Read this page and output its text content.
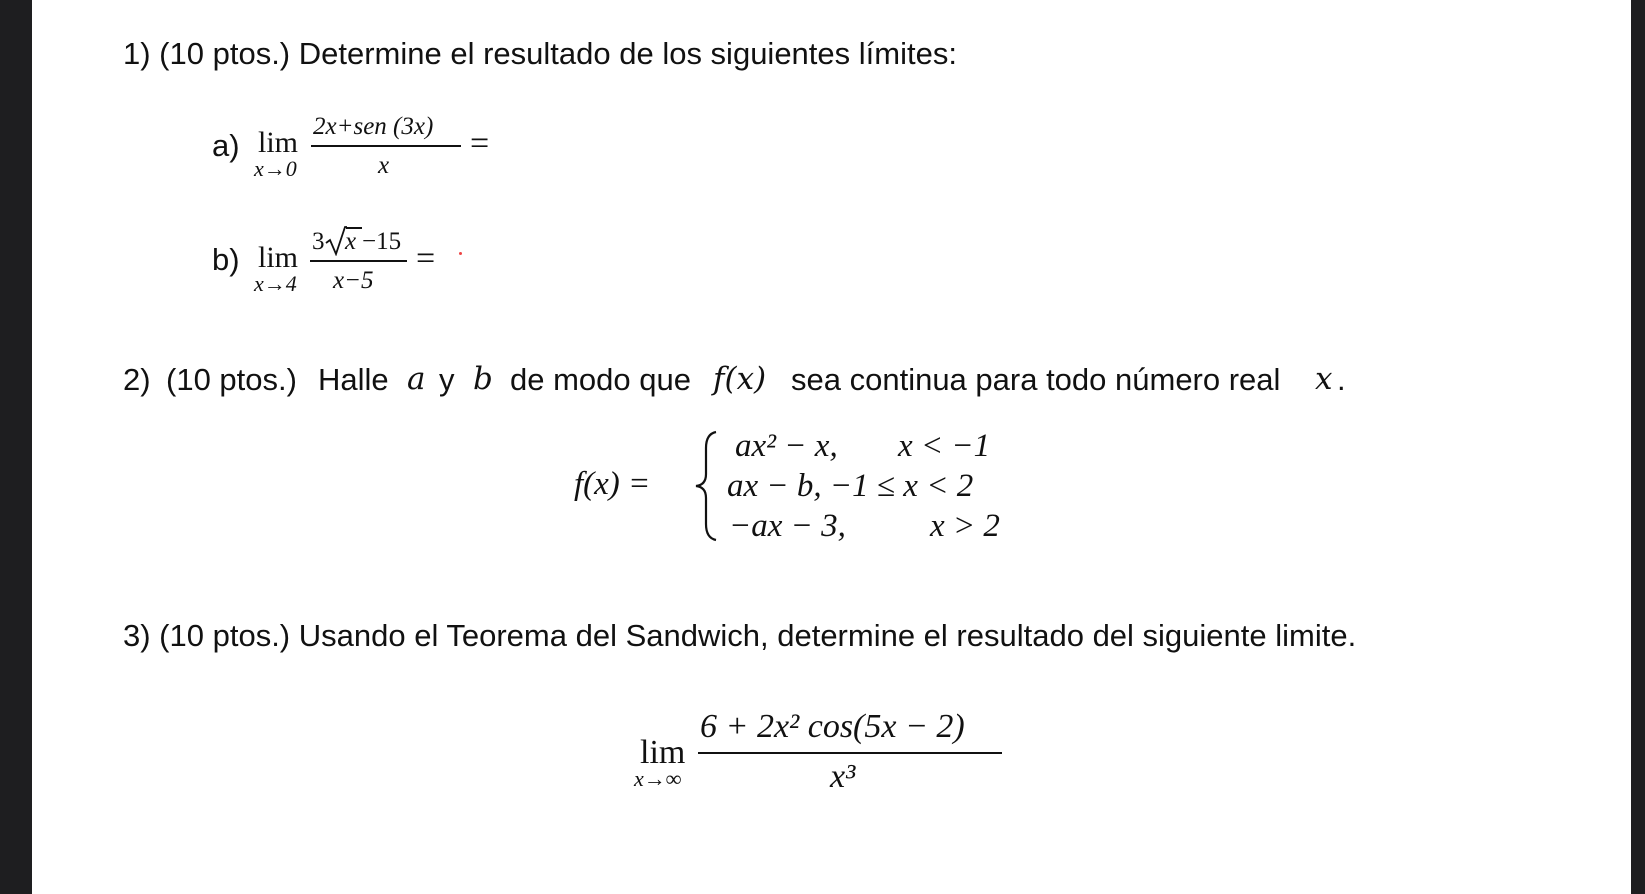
1) (10 ptos.) Determine el resultado de los siguientes límites:
a) lim
x→0
2x+sen (3x)
x
=
b) lim
x→4
3 x −15
x−5
=
2) (10 ptos.) Halle a y b de modo que f(x) sea continua para todo número real x .
f(x) =
ax² − x, x < −1
ax − b, −1 ≤ x < 2
−ax − 3,	x > 2
3) (10 ptos.) Usando el Teorema del Sandwich, determine el resultado del siguiente limite.
lim
x→∞
6 + 2x² cos(5x − 2)
x³
